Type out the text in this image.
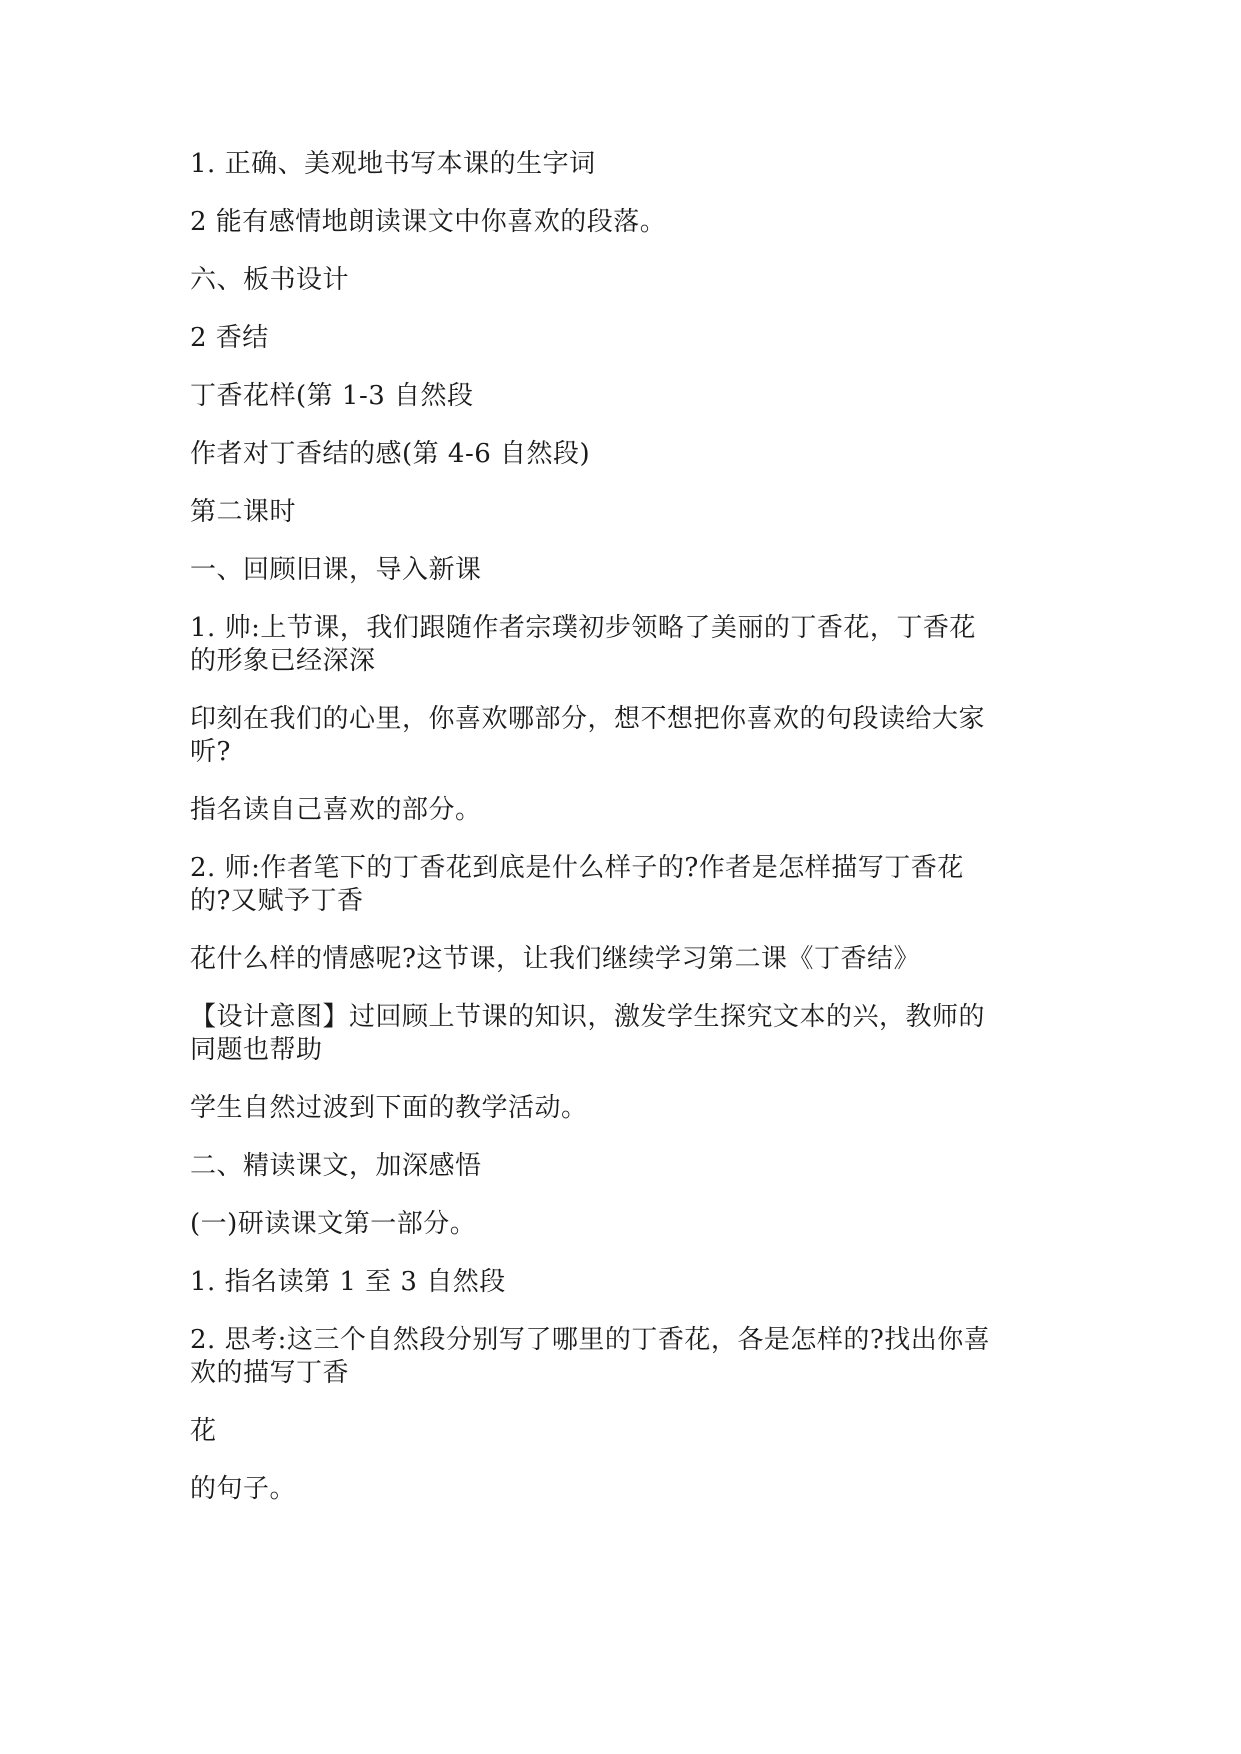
1. 正确、美观地书写本课的生字词

2 能有感情地朗读课文中你喜欢的段落。

六、板书设计

2 香结

丁香花样(第 1-3 自然段

作者对丁香结的感(第 4-6 自然段)

第二课时

一、回顾旧课，导入新课

1. 帅:上节课，我们跟随作者宗璞初步领略了美丽的丁香花，丁香花
的形象已经深深

印刻在我们的心里，你喜欢哪部分，想不想把你喜欢的句段读给大家
听?

指名读自己喜欢的部分。

2. 师:作者笔下的丁香花到底是什么样子的?作者是怎样描写丁香花
的?又赋予丁香

花什么样的情感呢?这节课，让我们继续学习第二课《丁香结》

【设计意图】过回顾上节课的知识，激发学生探究文本的兴，教师的
同题也帮助

学生自然过波到下面的教学活动。

二、精读课文，加深感悟

(一)研读课文第一部分。

1. 指名读第 1 至 3 自然段

2. 思考:这三个自然段分别写了哪里的丁香花，各是怎样的?找出你喜
欢的描写丁香

花

的句子。
